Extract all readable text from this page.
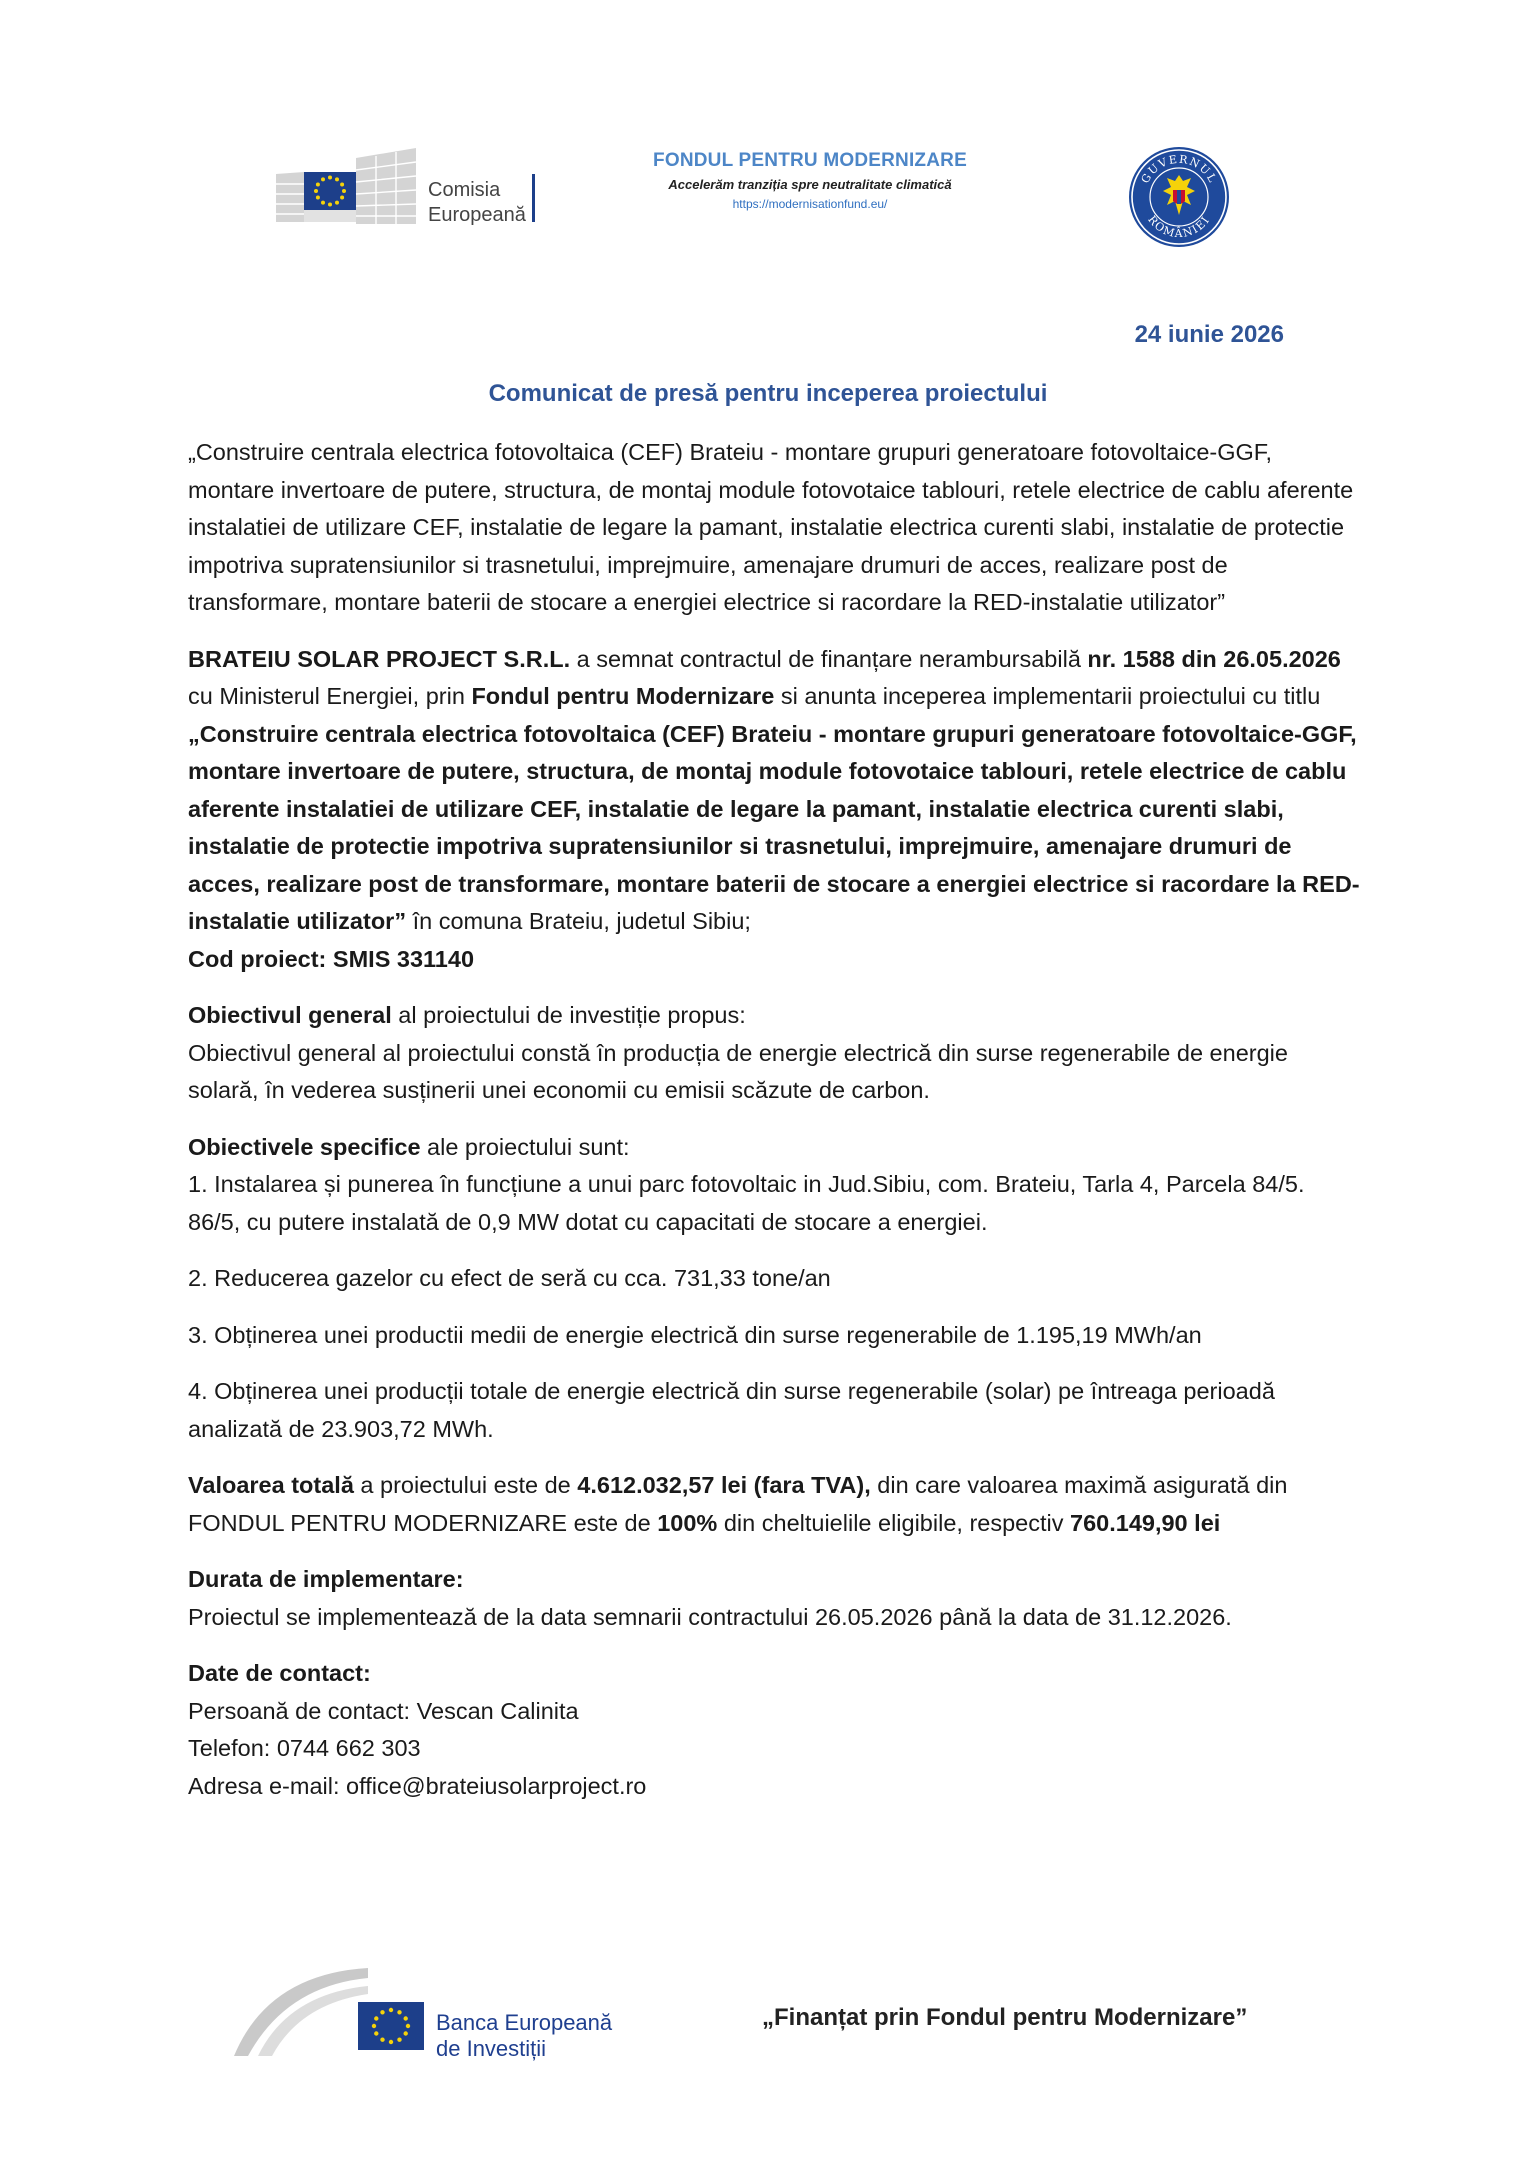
Comisia
Europeană
FONDUL PENTRU MODERNIZARE
Accelerăm tranziția spre neutralitate climatică
https://modernisationfund.eu/
GUVERNUL
ROMÂNIEI
24 iunie 2026
Comunicat de presă pentru inceperea proiectului

„Construire centrala electrica fotovoltaica (CEF) Brateiu - montare grupuri generatoare fotovoltaice-GGF, montare invertoare de putere, structura, de montaj module fotovotaice tablouri, retele electrice de cablu aferente instalatiei de utilizare CEF, instalatie de legare la pamant, instalatie electrica curenti slabi, instalatie de protectie impotriva supratensiunilor si trasnetului, imprejmuire, amenajare drumuri de acces, realizare post de transformare, montare baterii de stocare a energiei electrice si racordare la RED-instalatie utilizator”

BRATEIU SOLAR PROJECT S.R.L. a semnat contractul de finanțare nerambursabilă nr. 1588 din 26.05.2026 cu Ministerul Energiei, prin Fondul pentru Modernizare si anunta inceperea implementarii proiectului cu titlu „Construire centrala electrica fotovoltaica (CEF) Brateiu - montare grupuri generatoare fotovoltaice-GGF, montare invertoare de putere, structura, de montaj module fotovotaice tablouri, retele electrice de cablu aferente instalatiei de utilizare CEF, instalatie de legare la pamant, instalatie electrica curenti slabi, instalatie de protectie impotriva supratensiunilor si trasnetului, imprejmuire, amenajare drumuri de acces, realizare post de transformare, montare baterii de stocare a energiei electrice si racordare la RED-instalatie utilizator” în comuna Brateiu, judetul Sibiu;
Cod proiect: SMIS 331140

Obiectivul general al proiectului de investiție propus:
Obiectivul general al proiectului constă în producția de energie electrică din surse regenerabile de energie solară, în vederea susținerii unei economii cu emisii scăzute de carbon.

Obiectivele specifice ale proiectului sunt:
1. Instalarea și punerea în funcțiune a unui parc fotovoltaic in Jud.Sibiu, com. Brateiu, Tarla 4, Parcela 84/5. 86/5, cu putere instalată de 0,9 MW dotat cu capacitati de stocare a energiei.

2. Reducerea gazelor cu efect de seră cu cca. 731,33 tone/an

3. Obținerea unei productii medii de energie electrică din surse regenerabile de 1.195,19 MWh/an

4. Obținerea unei producții totale de energie electrică din surse regenerabile (solar) pe întreaga perioadă analizată de 23.903,72 MWh.

Valoarea totală a proiectului este de 4.612.032,57 lei (fara TVA), din care valoarea maximă asigurată din FONDUL PENTRU MODERNIZARE este de 100% din cheltuielile eligibile, respectiv 760.149,90 lei

Durata de implementare:
Proiectul se implementează de la data semnarii contractului 26.05.2026 până la data de 31.12.2026.

Date de contact:
Persoană de contact: Vescan Calinita
Telefon: 0744 662 303
Adresa e-mail: office@brateiusolarproject.ro

Banca Europeană
de Investiții
„Finanțat prin Fondul pentru Modernizare”
